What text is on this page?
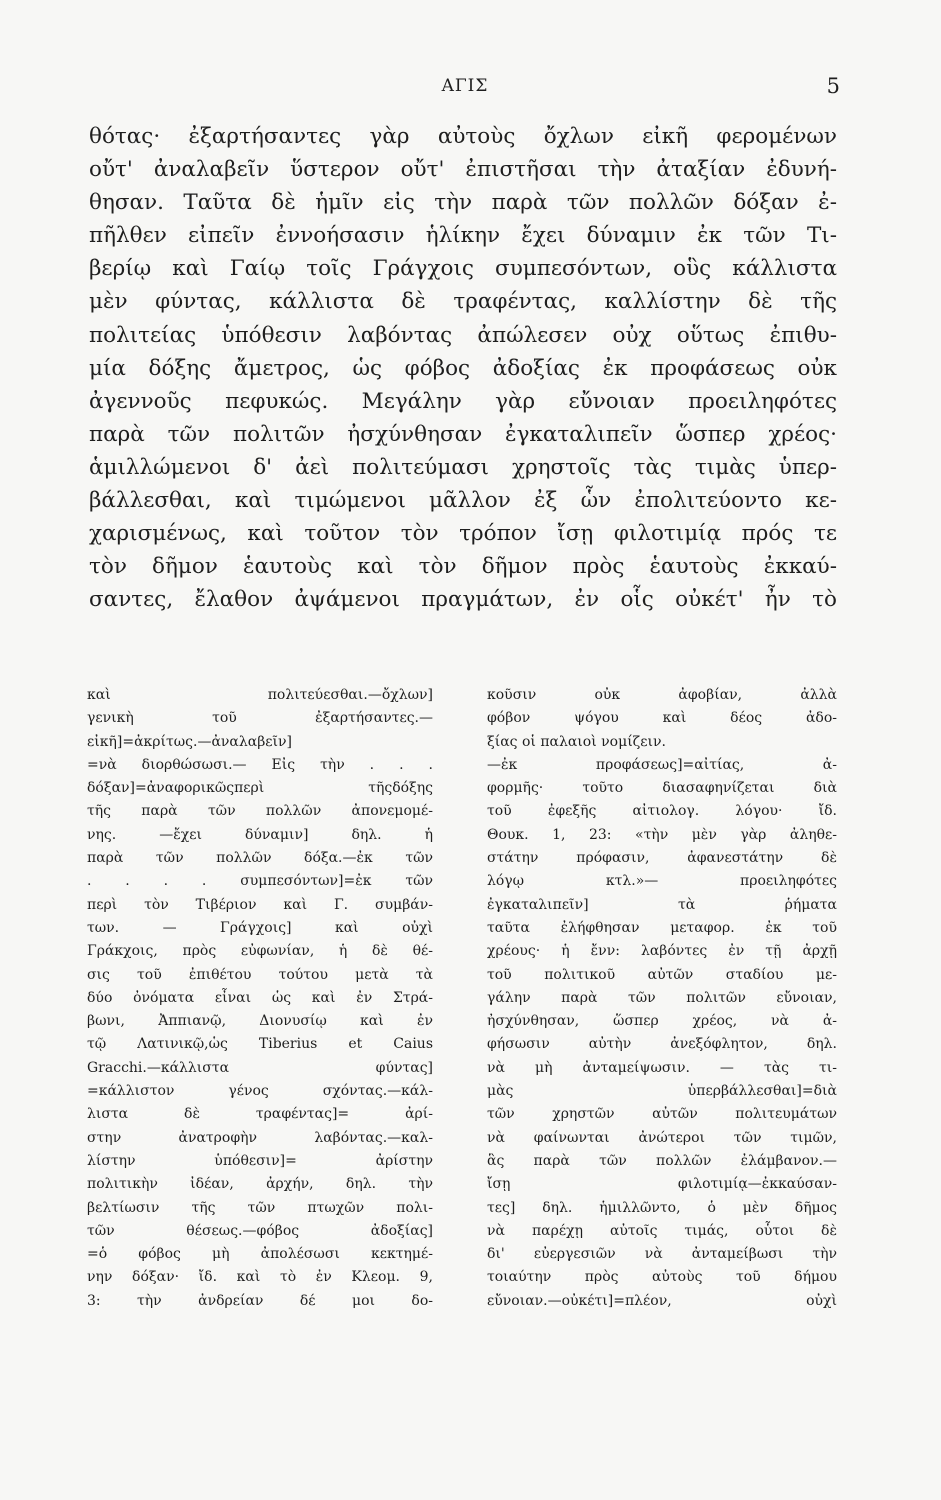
ΑΓΙΣ	5
θότας· ἐξαρτήσαντες γὰρ αὐτοὺς ὄχλων εἰκῆ φερομένων
οὔτ' ἀναλαβεῖν ὕστερον οὔτ' ἐπιστῆσαι τὴν ἀταξίαν ἐδυνή-
θησαν. Ταῦτα δὲ ἡμῖν εἰς τὴν παρὰ τῶν πολλῶν δόξαν ἐ-
πῆλθεν εἰπεῖν ἐννοήσασιν ἡλίκην ἔχει δύναμιν ἐκ τῶν Τι-
βερίῳ καὶ Γαίῳ τοῖς Γράγχοις συμπεσόντων, οὓς κάλλιστα
μὲν φύντας, κάλλιστα δὲ τραφέντας, καλλίστην δὲ τῆς
πολιτείας ὑπόθεσιν λαβόντας ἀπώλεσεν οὐχ οὕτως ἐπιθυ-
μία δόξης ἄμετρος, ὡς φόβος ἀδοξίας ἐκ προφάσεως οὐκ
ἀγεννοῦς πεφυκώς. Μεγάλην γὰρ εὔνοιαν προειληφότες
παρὰ τῶν πολιτῶν ἠσχύνθησαν ἐγκαταλιπεῖν ὥσπερ χρέος·
ἁμιλλώμενοι δ' ἀεὶ πολιτεύμασι χρηστοῖς τὰς τιμὰς ὑπερ-
βάλλεσθαι, καὶ τιμώμενοι μᾶλλον ἐξ ὧν ἐπολιτεύοντο κε-
χαρισμένως, καὶ τοῦτον τὸν τρόπον ἴσῃ φιλοτιμίᾳ πρός τε
τὸν δῆμον ἑαυτοὺς καὶ τὸν δῆμον πρὸς ἑαυτοὺς ἐκκαύ-
σαντες, ἔλαθον ἀψάμενοι πραγμάτων, ἐν οἷς οὐκέτ' ἦν τὸ
καὶ πολιτεύεσθαι.—ὄχλων]
γενικὴ τοῦ ἐξαρτήσαντες.—
εἰκῆ]=ἀκρίτως.—ἀναλαβεῖν]
=νὰ διορθώσωσι.— Εἰς τὴν . . .
δόξαν]=ἀναφορικῶςπερὶ τῆςδόξης
τῆς παρὰ τῶν πολλῶν ἀπονεμομέ-
νης. —ἔχει δύναμιν] δηλ. ἡ
παρὰ τῶν πολλῶν δόξα.—ἐκ τῶν
. . . . συμπεσόντων]=ἐκ τῶν
περὶ τὸν Τιβέριον καὶ Γ. συμβάν-
των. — Γράγχοις] καὶ οὐχὶ
Γράκχοις, πρὸς εὐφωνίαν, ἡ δὲ θέ-
σις τοῦ ἐπιθέτου τούτου μετὰ τὰ
δύο ὀνόματα εἶναι ὡς καὶ ἐν Στρά-
βωνι, Ἀππιανῷ, Διονυσίῳ καὶ ἐν
τῷ Λατινικῷ,ὡς Tiberius et Caius
Gracchi.—κάλλιστα φύντας]
=κάλλιστον γένος σχόντας.—κάλ-
λιστα δὲ τραφέντας]= ἀρί-
στην ἀνατροφὴν λαβόντας.—καλ-
λίστην ὑπόθεσιν]= ἀρίστην
πολιτικὴν ἰδέαν, ἀρχήν, δηλ. τὴν
βελτίωσιν τῆς τῶν πτωχῶν πολι-
τῶν θέσεως.—φόβος ἀδοξίας]
=ὁ φόβος μὴ ἀπολέσωσι κεκτημέ-
νην δόξαν· ἴδ. καὶ τὸ ἐν Κλεομ. 9,
3: τὴν ἀνδρείαν δέ μοι δο-
κοῦσιν οὐκ ἀφοβίαν, ἀλλὰ
φόβον ψόγου καὶ δέος ἀδο-
ξίας οἱ παλαιοὶ νομίζειν.
—ἐκ προφάσεως]=αἰτίας, ἀ-
φορμῆς· τοῦτο διασαφηνίζεται διὰ
τοῦ ἐφεξῆς αἰτιολογ. λόγου· ἴδ.
Θουκ. 1, 23: «τὴν μὲν γὰρ ἀληθε-
στάτην πρόφασιν, ἀφανεστάτην δὲ
λόγῳ κτλ.»— προειληφότες
ἐγκαταλιπεῖν] τὰ ῥήματα
ταῦτα ἐλήφθησαν μεταφορ. ἐκ τοῦ
χρέους· ἡ ἔνν: λαβόντες ἐν τῇ ἀρχῇ
τοῦ πολιτικοῦ αὐτῶν σταδίου με-
γάλην παρὰ τῶν πολιτῶν εὔνοιαν,
ἠσχύνθησαν, ὥσπερ χρέος, νὰ ἀ-
φήσωσιν αὐτὴν ἀνεξόφλητον, δηλ.
νὰ μὴ ἀνταμείψωσιν. — τὰς τι-
μὰς ὑπερβάλλεσθαι]=διὰ
τῶν χρηστῶν αὐτῶν πολιτευμάτων
νὰ φαίνωνται ἀνώτεροι τῶν τιμῶν,
ἃς παρὰ τῶν πολλῶν ἐλάμβανον.—
ἴσῃ φιλοτιμίᾳ—ἐκκαύσαν-
τες] δηλ. ἡμιλλῶντο, ὁ μὲν δῆμος
νὰ παρέχῃ αὐτοῖς τιμάς, οὗτοι δὲ
δι' εὐεργεσιῶν νὰ ἀνταμείβωσι τὴν
τοιαύτην πρὸς αὐτοὺς τοῦ δήμου
εὔνοιαν.—οὐκέτι]=πλέον, οὐχὶ
